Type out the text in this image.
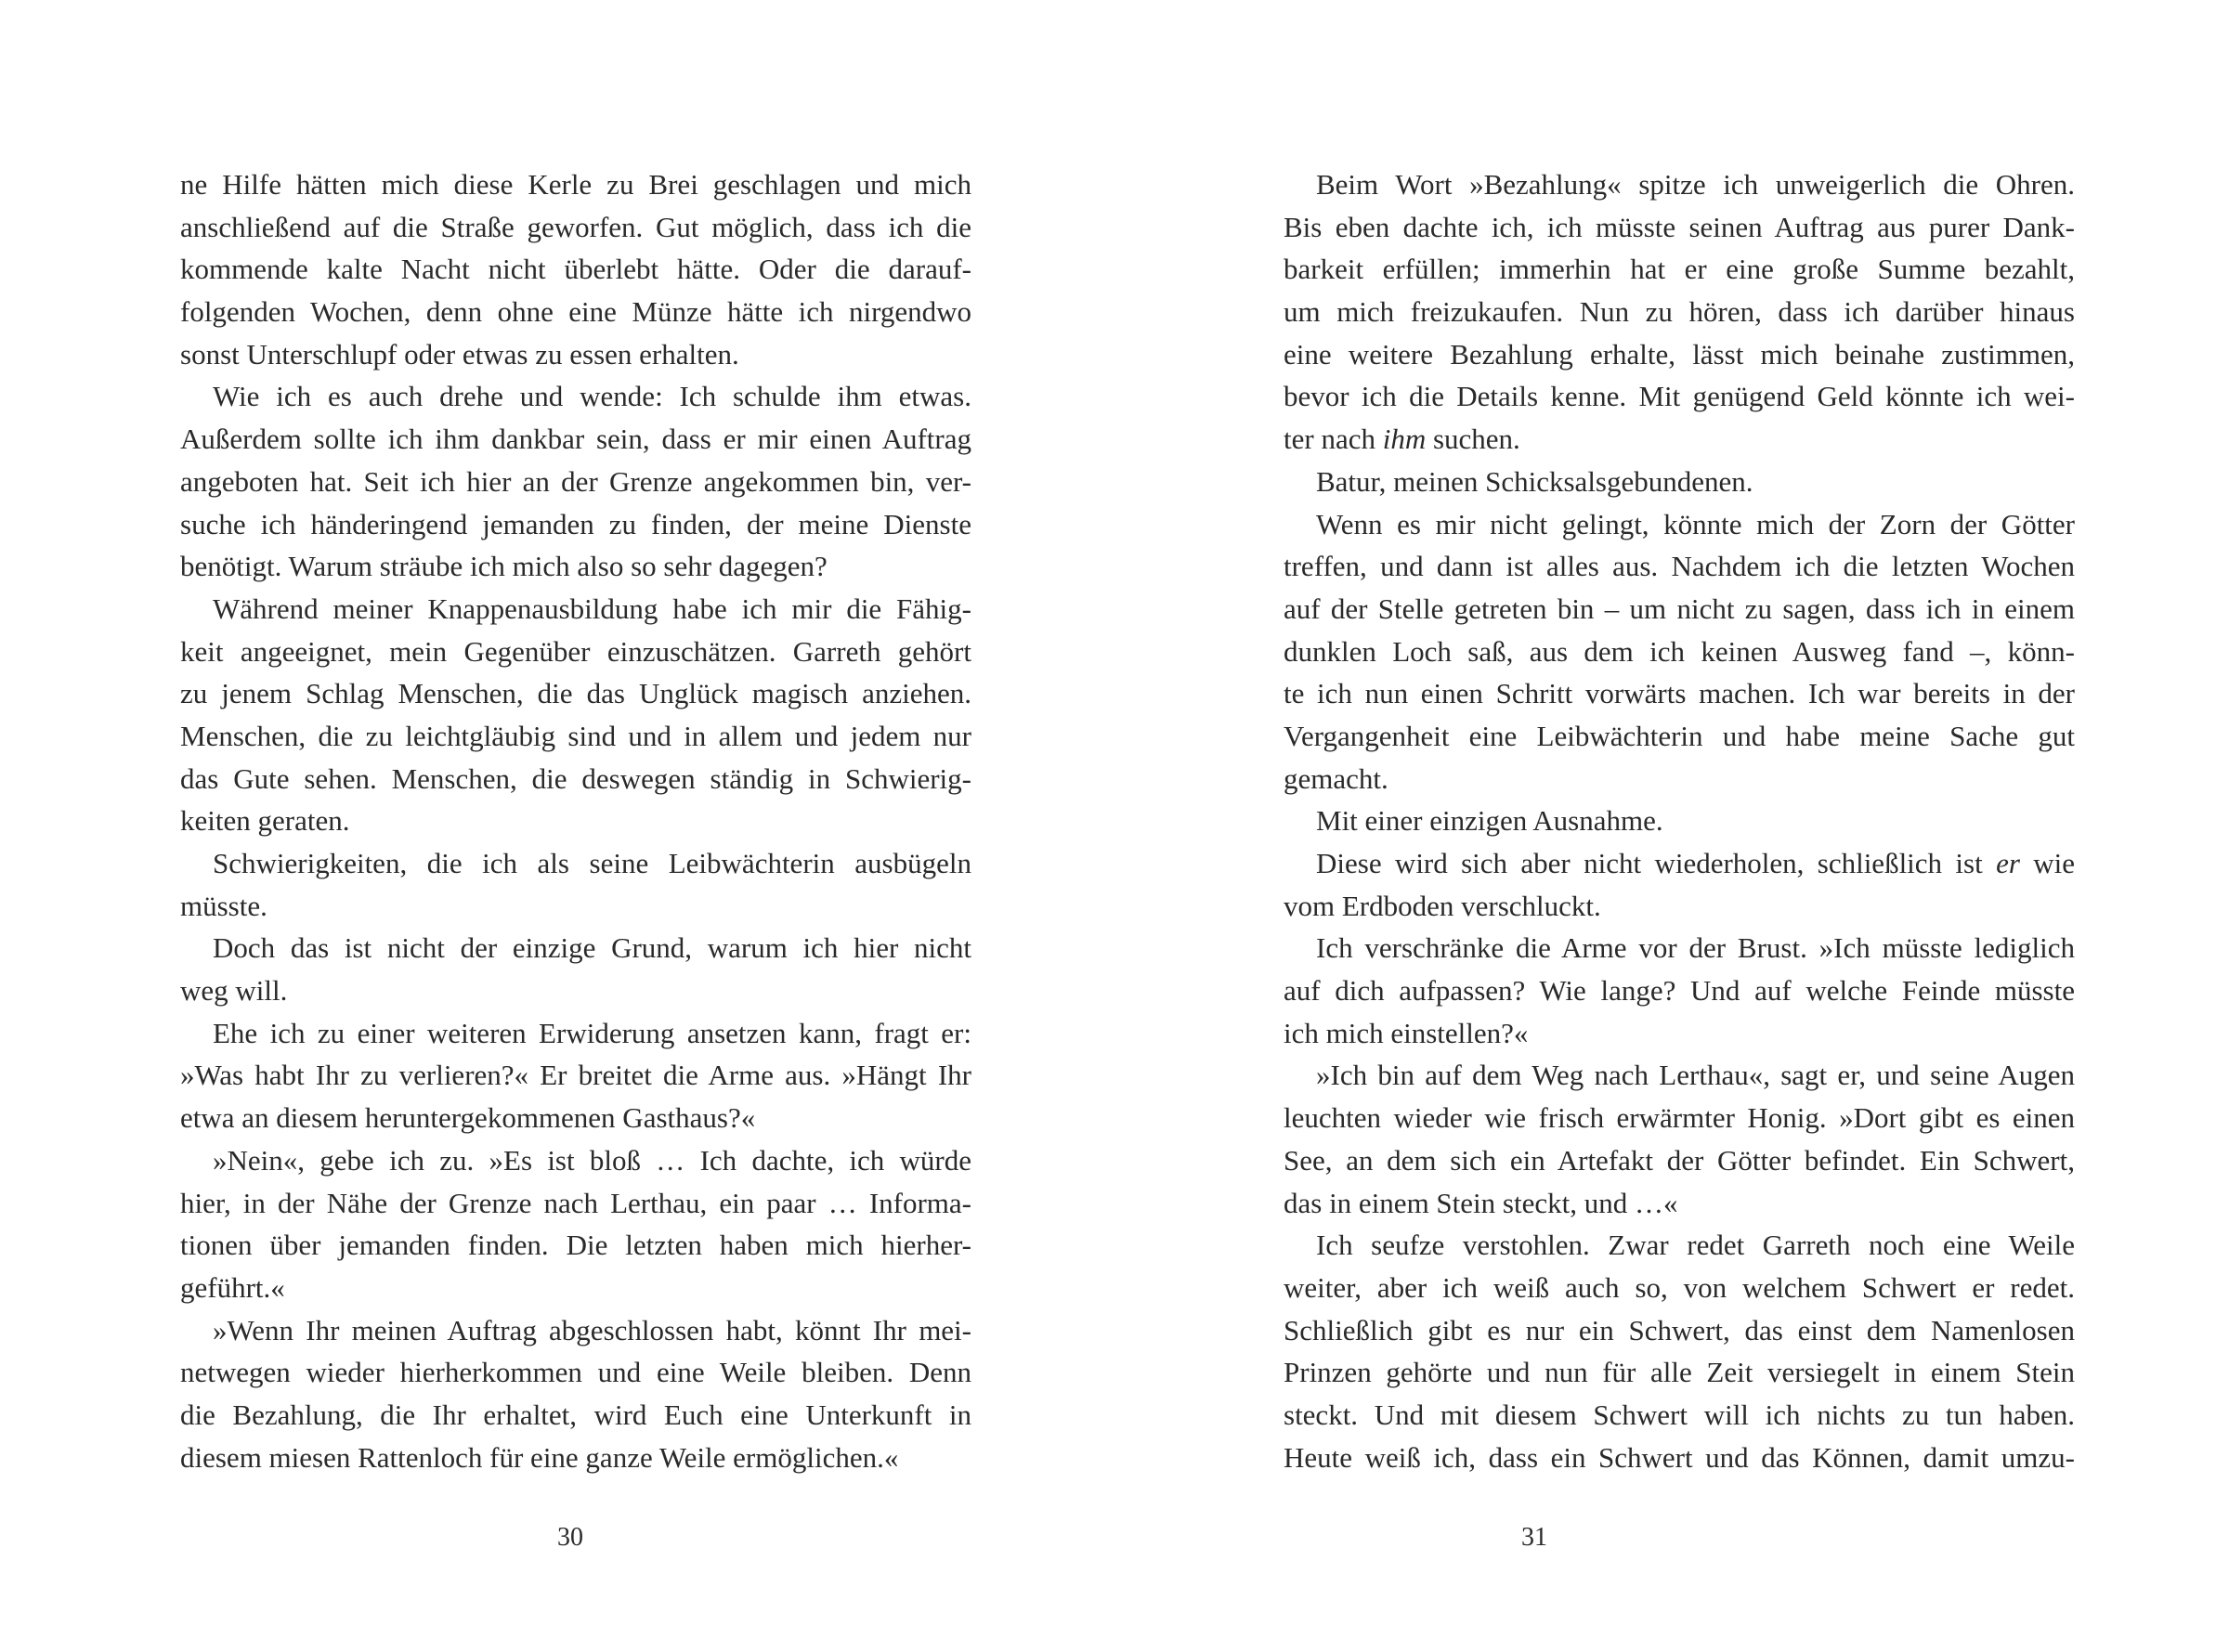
ne Hilfe hätten mich diese Kerle zu Brei geschlagen und mich
anschließend auf die Straße geworfen. Gut möglich, dass ich die
kommende kalte Nacht nicht überlebt hätte. Oder die darauf-
folgenden Wochen, denn ohne eine Münze hätte ich nirgendwo
sonst Unterschlupf oder etwas zu essen erhalten.
Wie ich es auch drehe und wende: Ich schulde ihm etwas.
Außerdem sollte ich ihm dankbar sein, dass er mir einen Auftrag
angeboten hat. Seit ich hier an der Grenze angekommen bin, ver-
suche ich händeringend jemanden zu finden, der meine Dienste
benötigt. Warum sträube ich mich also so sehr dagegen?
Während meiner Knappenausbildung habe ich mir die Fähig-
keit angeeignet, mein Gegenüber einzuschätzen. Garreth gehört
zu jenem Schlag Menschen, die das Unglück magisch anziehen.
Menschen, die zu leichtgläubig sind und in allem und jedem nur
das Gute sehen. Menschen, die deswegen ständig in Schwierig-
keiten geraten.
Schwierigkeiten, die ich als seine Leibwächterin ausbügeln
müsste.
Doch das ist nicht der einzige Grund, warum ich hier nicht
weg will.
Ehe ich zu einer weiteren Erwiderung ansetzen kann, fragt er:
»Was habt Ihr zu verlieren?« Er breitet die Arme aus. »Hängt Ihr
etwa an diesem heruntergekommenen Gasthaus?«
»Nein«, gebe ich zu. »Es ist bloß … Ich dachte, ich würde
hier, in der Nähe der Grenze nach Lerthau, ein paar … Informa-
tionen über jemanden finden. Die letzten haben mich hierher-
geführt.«
»Wenn Ihr meinen Auftrag abgeschlossen habt, könnt Ihr mei-
netwegen wieder hierherkommen und eine Weile bleiben. Denn
die Bezahlung, die Ihr erhaltet, wird Euch eine Unterkunft in
diesem miesen Rattenloch für eine ganze Weile ermöglichen.«
30
Beim Wort »Bezahlung« spitze ich unweigerlich die Ohren.
Bis eben dachte ich, ich müsste seinen Auftrag aus purer Dank-
barkeit erfüllen; immerhin hat er eine große Summe bezahlt,
um mich freizukaufen. Nun zu hören, dass ich darüber hinaus
eine weitere Bezahlung erhalte, lässt mich beinahe zustimmen,
bevor ich die Details kenne. Mit genügend Geld könnte ich wei-
ter nach ihm suchen.
Batur, meinen Schicksalsgebundenen.
Wenn es mir nicht gelingt, könnte mich der Zorn der Götter
treffen, und dann ist alles aus. Nachdem ich die letzten Wochen
auf der Stelle getreten bin – um nicht zu sagen, dass ich in einem
dunklen Loch saß, aus dem ich keinen Ausweg fand –, könn-
te ich nun einen Schritt vorwärts machen. Ich war bereits in der
Vergangenheit eine Leibwächterin und habe meine Sache gut
gemacht.
Mit einer einzigen Ausnahme.
Diese wird sich aber nicht wiederholen, schließlich ist er wie
vom Erdboden verschluckt.
Ich verschränke die Arme vor der Brust. »Ich müsste lediglich
auf dich aufpassen? Wie lange? Und auf welche Feinde müsste
ich mich einstellen?«
»Ich bin auf dem Weg nach Lerthau«, sagt er, und seine Augen
leuchten wieder wie frisch erwärmter Honig. »Dort gibt es einen
See, an dem sich ein Artefakt der Götter befindet. Ein Schwert,
das in einem Stein steckt, und …«
Ich seufze verstohlen. Zwar redet Garreth noch eine Weile
weiter, aber ich weiß auch so, von welchem Schwert er redet.
Schließlich gibt es nur ein Schwert, das einst dem Namenlosen
Prinzen gehörte und nun für alle Zeit versiegelt in einem Stein
steckt. Und mit diesem Schwert will ich nichts zu tun haben.
Heute weiß ich, dass ein Schwert und das Können, damit umzu-
31
